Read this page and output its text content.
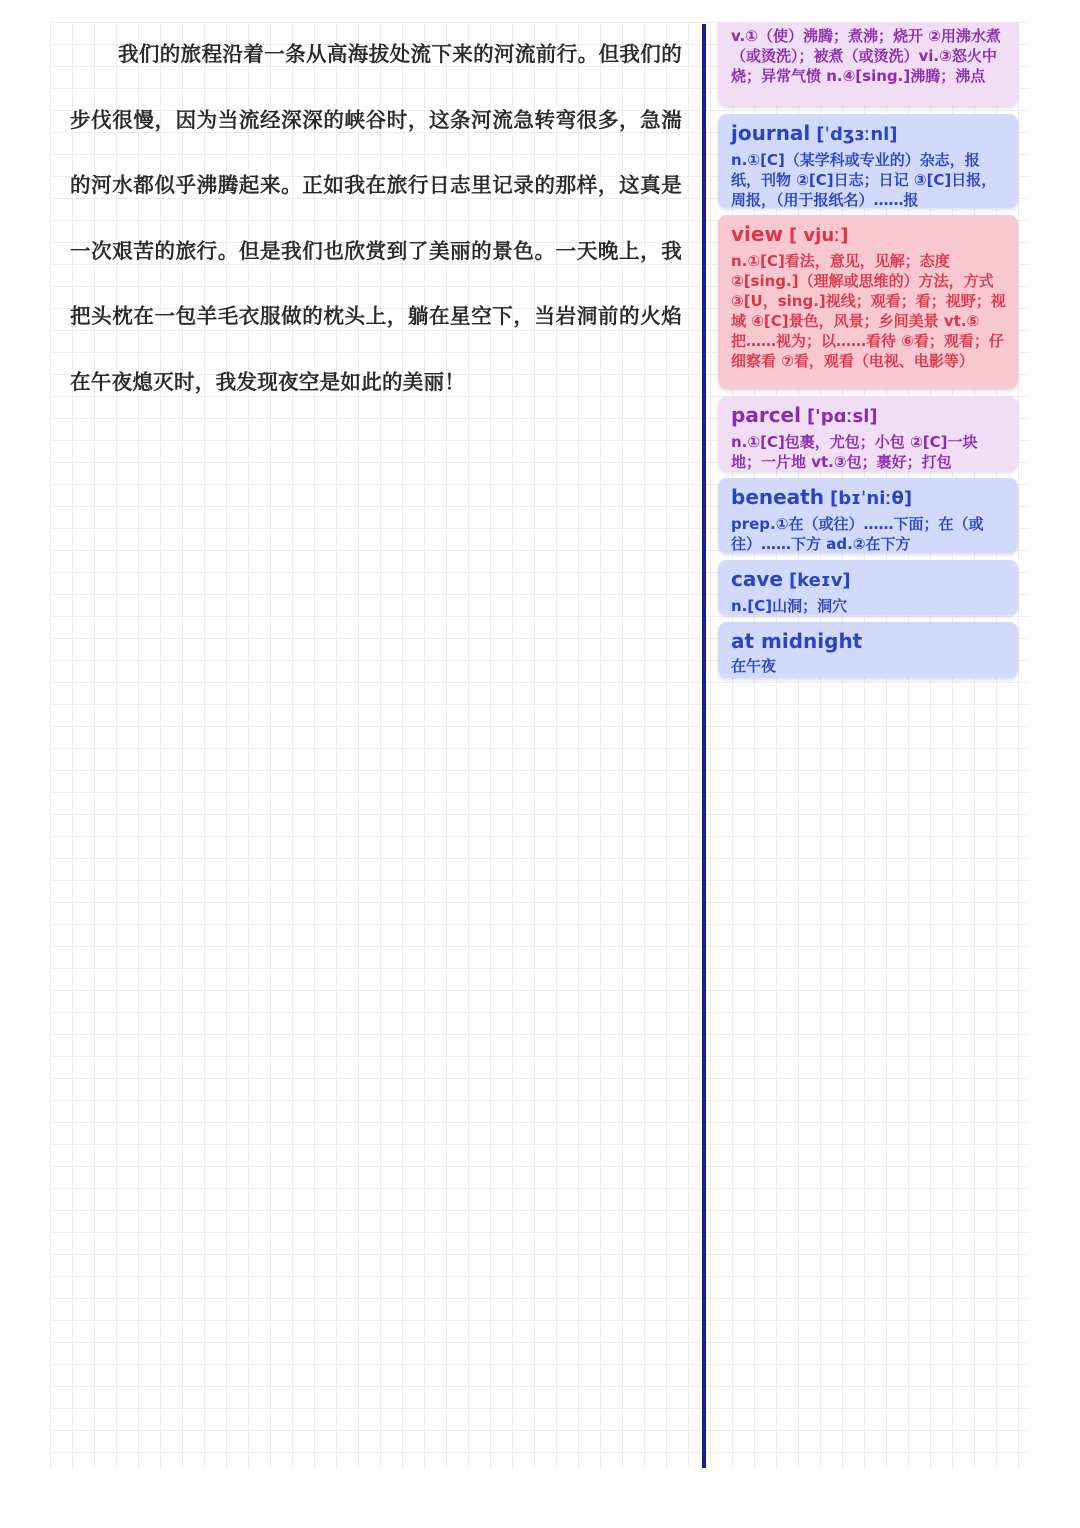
我们的旅程沿着一条从高海拔处流下来的河流前行。但我们的步伐很慢，因为当流经深深的峡谷时，这条河流急转弯很多，急湍的河水都似乎沸腾起来。正如我在旅行日志里记录的那样，这真是一次艰苦的旅行。但是我们也欣赏到了美丽的景色。一天晚上，我把头枕在一包羊毛衣服做的枕头上，躺在星空下，当岩洞前的火焰在午夜熄灭时，我发现夜空是如此的美丽！

v.①（使）沸腾；煮沸；烧开 ②用沸水煮（或烫洗）；被煮（或烫洗）vi.③怒火中烧；异常气愤 n.④[sing.]沸腾；沸点

journal [ˈdʒɜːnl]

n.①[C]（某学科或专业的）杂志，报纸，刊物 ②[C]日志；日记 ③[C]日报，周报，（用于报纸名）……报

view [ vjuː]

n.①[C]看法，意见，见解；态度 ②[sing.]（理解或思维的）方法，方式 ③[U，sing.]视线；观看；看；视野；视域 ④[C]景色，风景；乡间美景 vt.⑤把……视为；以……看待 ⑥看；观看；仔细察看 ⑦看，观看（电视、电影等）

parcel ['pɑːsl]

n.①[C]包裹，尤包；小包 ②[C]一块地；一片地 vt.③包；裹好；打包

beneath [bɪˈniːθ]

prep.①在（或往）……下面；在（或往）……下方 ad.②在下方

cave [keɪv]

n.[C]山洞；洞穴

at midnight

在午夜
